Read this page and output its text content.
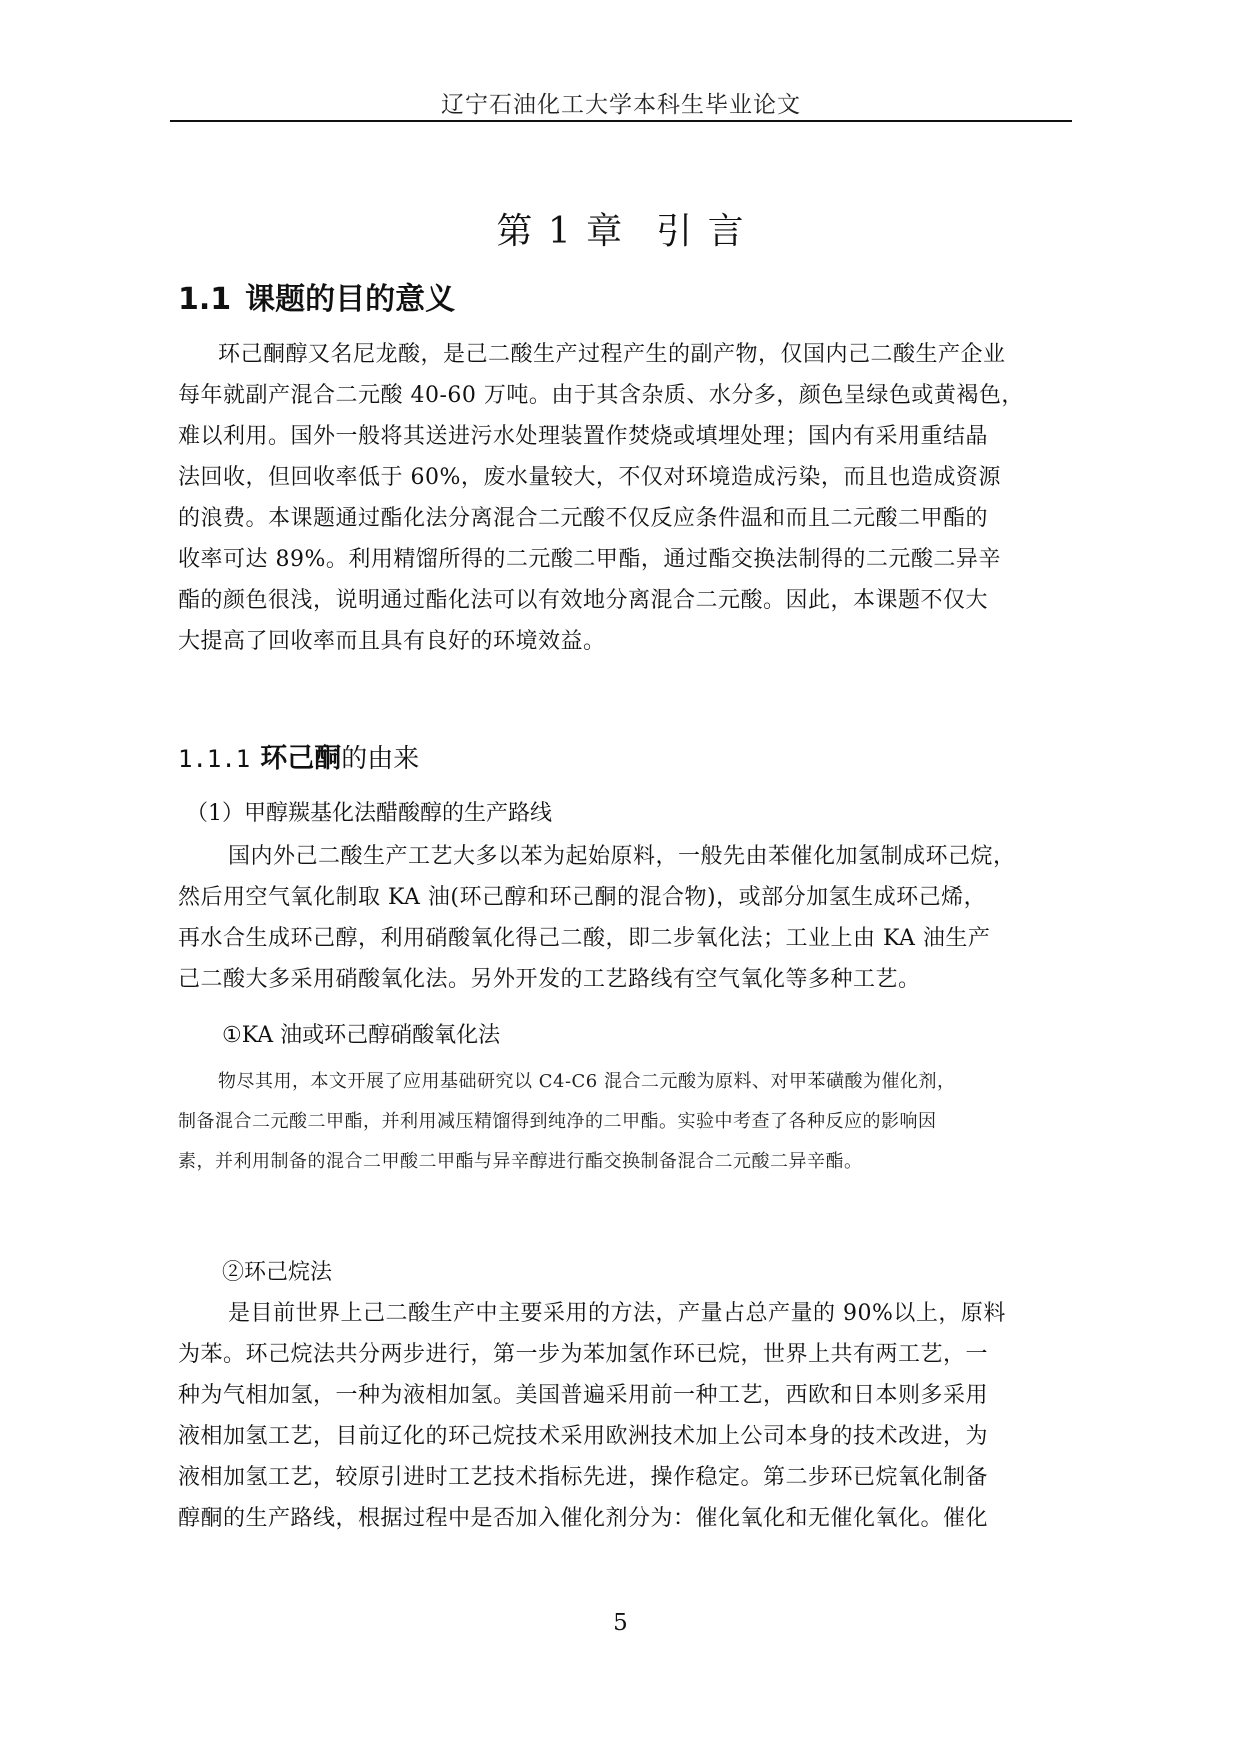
辽宁石油化工大学本科生毕业论文
第 1 章 引 言
1.1 课题的目的意义
环己酮醇又名尼龙酸，是己二酸生产过程产生的副产物，仅国内己二酸生产企业
每年就副产混合二元酸 40-60 万吨。由于其含杂质、水分多，颜色呈绿色或黄褐色，
难以利用。国外一般将其送进污水处理装置作焚烧或填埋处理；国内有采用重结晶
法回收，但回收率低于 60%，废水量较大，不仅对环境造成污染，而且也造成资源
的浪费。本课题通过酯化法分离混合二元酸不仅反应条件温和而且二元酸二甲酯的
收率可达 89%。利用精馏所得的二元酸二甲酯，通过酯交换法制得的二元酸二异辛
酯的颜色很浅，说明通过酯化法可以有效地分离混合二元酸。因此，本课题不仅大
大提高了回收率而且具有良好的环境效益。
1.1.1 环己酮的由来
（1）甲醇羰基化法醋酸醇的生产路线
国内外己二酸生产工艺大多以苯为起始原料，一般先由苯催化加氢制成环己烷，
然后用空气氧化制取 KA 油(环己醇和环己酮的混合物)，或部分加氢生成环己烯，
再水合生成环己醇，利用硝酸氧化得己二酸，即二步氧化法；工业上由 KA 油生产
己二酸大多采用硝酸氧化法。另外开发的工艺路线有空气氧化等多种工艺。
①KA 油或环己醇硝酸氧化法
物尽其用，本文开展了应用基础研究以 C4-C6 混合二元酸为原料、对甲苯磺酸为催化剂，
制备混合二元酸二甲酯，并利用减压精馏得到纯净的二甲酯。实验中考查了各种反应的影响因
素，并利用制备的混合二甲酸二甲酯与异辛醇进行酯交换制备混合二元酸二异辛酯。
②环己烷法
是目前世界上己二酸生产中主要采用的方法，产量占总产量的 90%以上，原料
为苯。环己烷法共分两步进行，第一步为苯加氢作环已烷，世界上共有两工艺，一
种为气相加氢，一种为液相加氢。美国普遍采用前一种工艺，西欧和日本则多采用
液相加氢工艺，目前辽化的环己烷技术采用欧洲技术加上公司本身的技术改进，为
液相加氢工艺，较原引进时工艺技术指标先进，操作稳定。第二步环已烷氧化制备
醇酮的生产路线，根据过程中是否加入催化剂分为：催化氧化和无催化氧化。催化
5
